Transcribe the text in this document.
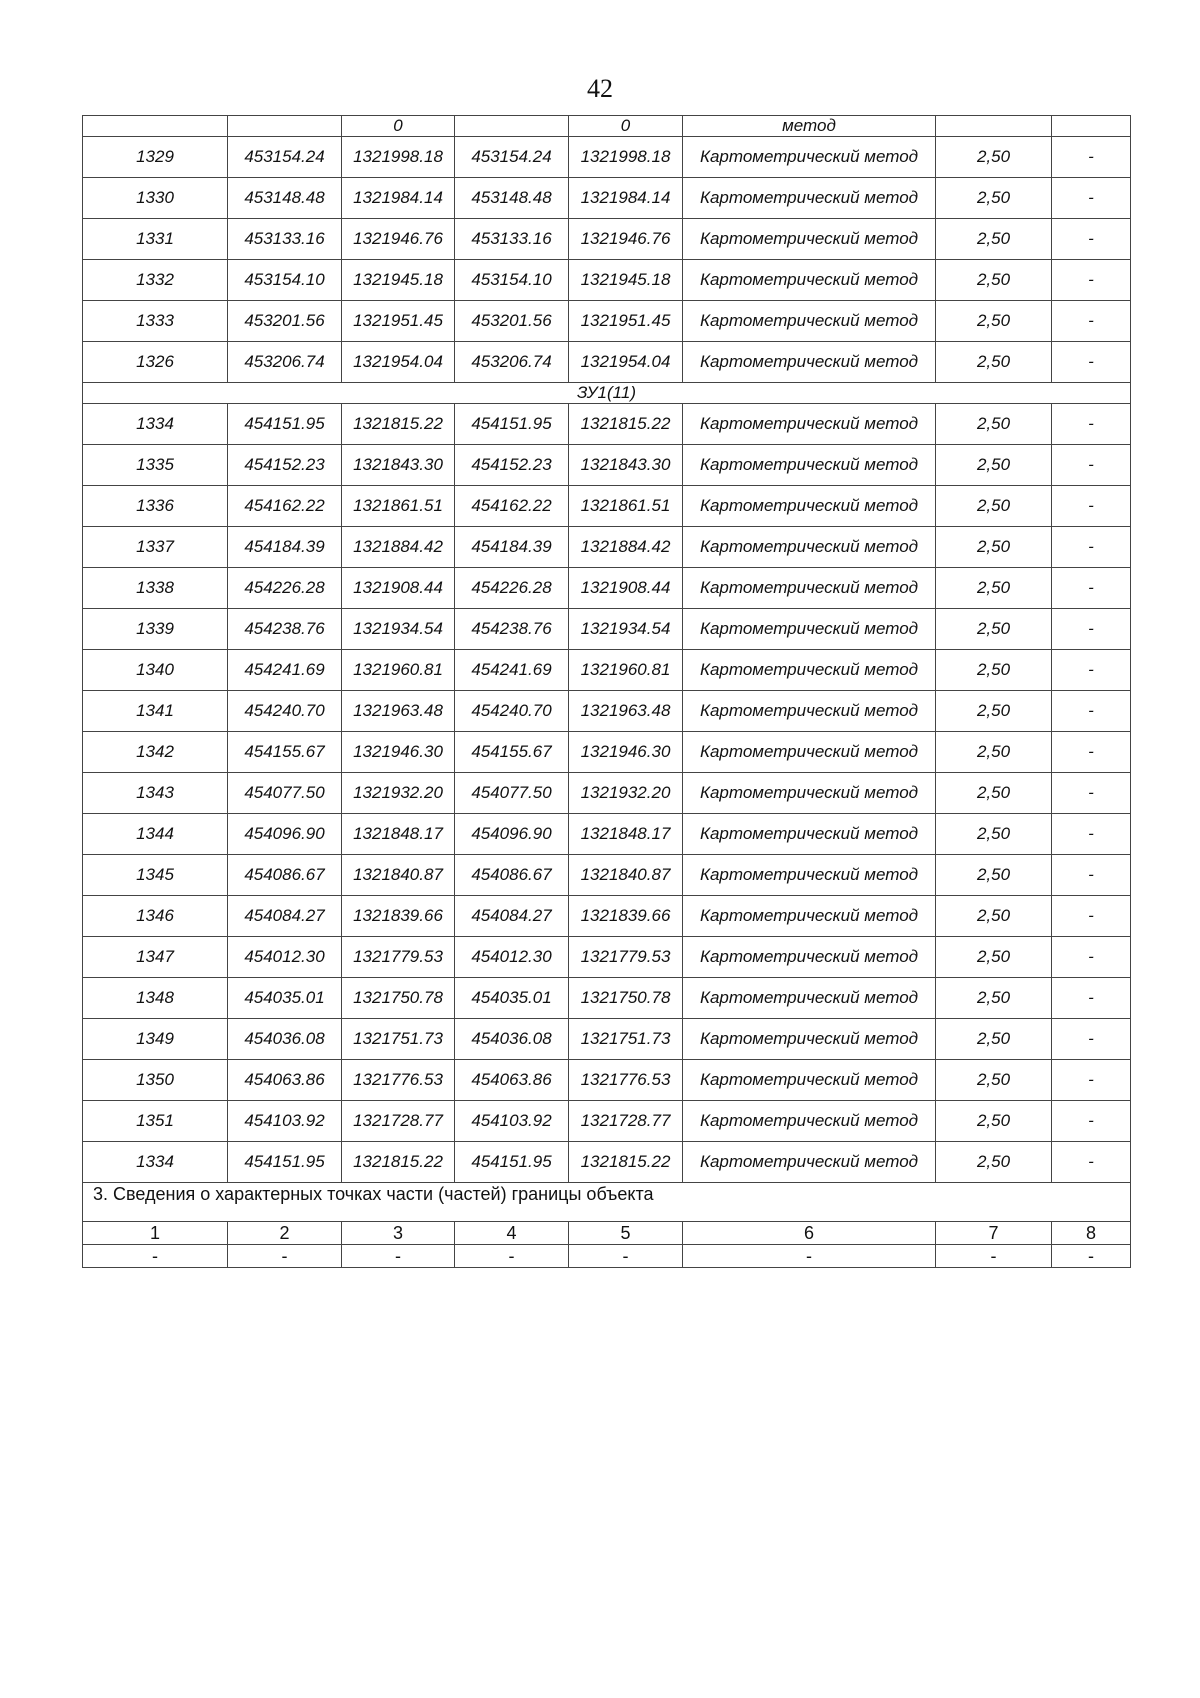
42
		0		0	метод		
1329	453154.24	1321998.18	453154.24	1321998.18	Картометрический метод	2,50	-
1330	453148.48	1321984.14	453148.48	1321984.14	Картометрический метод	2,50	-
1331	453133.16	1321946.76	453133.16	1321946.76	Картометрический метод	2,50	-
1332	453154.10	1321945.18	453154.10	1321945.18	Картометрический метод	2,50	-
1333	453201.56	1321951.45	453201.56	1321951.45	Картометрический метод	2,50	-
1326	453206.74	1321954.04	453206.74	1321954.04	Картометрический метод	2,50	-
ЗУ1(11)							
1334	454151.95	1321815.22	454151.95	1321815.22	Картометрический метод	2,50	-
1335	454152.23	1321843.30	454152.23	1321843.30	Картометрический метод	2,50	-
1336	454162.22	1321861.51	454162.22	1321861.51	Картометрический метод	2,50	-
1337	454184.39	1321884.42	454184.39	1321884.42	Картометрический метод	2,50	-
1338	454226.28	1321908.44	454226.28	1321908.44	Картометрический метод	2,50	-
1339	454238.76	1321934.54	454238.76	1321934.54	Картометрический метод	2,50	-
1340	454241.69	1321960.81	454241.69	1321960.81	Картометрический метод	2,50	-
1341	454240.70	1321963.48	454240.70	1321963.48	Картометрический метод	2,50	-
1342	454155.67	1321946.30	454155.67	1321946.30	Картометрический метод	2,50	-
1343	454077.50	1321932.20	454077.50	1321932.20	Картометрический метод	2,50	-
1344	454096.90	1321848.17	454096.90	1321848.17	Картометрический метод	2,50	-
1345	454086.67	1321840.87	454086.67	1321840.87	Картометрический метод	2,50	-
1346	454084.27	1321839.66	454084.27	1321839.66	Картометрический метод	2,50	-
1347	454012.30	1321779.53	454012.30	1321779.53	Картометрический метод	2,50	-
1348	454035.01	1321750.78	454035.01	1321750.78	Картометрический метод	2,50	-
1349	454036.08	1321751.73	454036.08	1321751.73	Картометрический метод	2,50	-
1350	454063.86	1321776.53	454063.86	1321776.53	Картометрический метод	2,50	-
1351	454103.92	1321728.77	454103.92	1321728.77	Картометрический метод	2,50	-
1334	454151.95	1321815.22	454151.95	1321815.22	Картометрический метод	2,50	-
3. Сведения о характерных точках части (частей) границы объекта							
1	2	3	4	5	6	7	8
-	-	-	-	-	-	-	-
